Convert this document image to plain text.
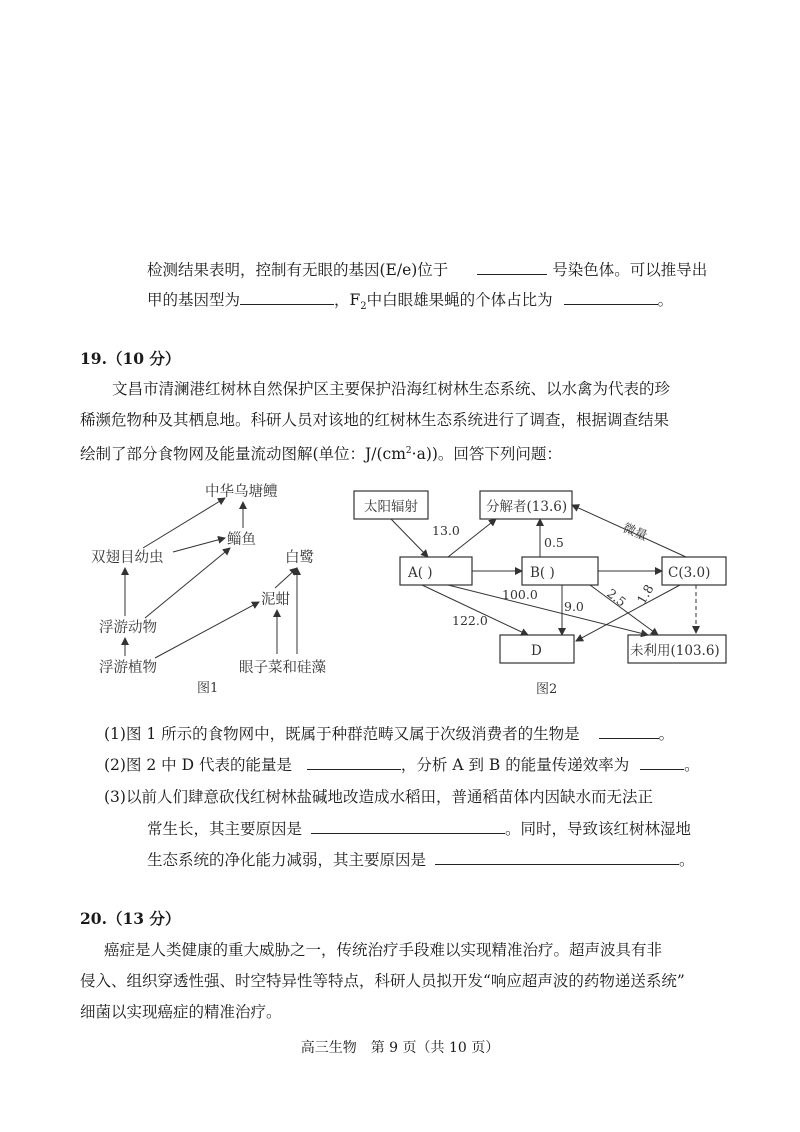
检测结果表明，控制有无眼的基因(E/e)位于	号染色体。可以推导出
甲的基因型为	，$F_2$中白眼雄果蝇的个体占比为	。
19.（10 分）
文昌市清澜港红树林自然保护区主要保护沿海红树林生态系统、以水禽为代表的珍
稀濒危物种及其栖息地。科研人员对该地的红树林生态系统进行了调查，根据调查结果
绘制了部分食物网及能量流动图解(单位：$J/(cm^2\cdot a)$)。回答下列问题：
中华乌塘鳢
鲻鱼
双翅目幼虫	白鹭
泥蚶
浮游动物
浮游植物	眼子菜和硅藻
图1
太阳辐射	分解者(13.6)
A( )	B( )	C(3.0)
D	未利用(103.6)
13.0
0.5	微量
100.0
9.0 2.5 1.8
122.0
图2
(1)图 1 所示的食物网中，既属于种群范畴又属于次级消费者的生物是	。
(2)图 2 中 D 代表的能量是	，分析 A 到 B 的能量传递效率为	。
(3)以前人们肆意砍伐红树林盐碱地改造成水稻田，普通稻苗体内因缺水而无法正
常生长，其主要原因是	。同时，导致该红树林湿地
生态系统的净化能力减弱，其主要原因是	。
20.（13 分）
癌症是人类健康的重大威胁之一，传统治疗手段难以实现精准治疗。超声波具有非
侵入、组织穿透性强、时空特异性等特点，科研人员拟开发“响应超声波的药物递送系统”
细菌以实现癌症的精准治疗。
高三生物　第 9 页（共 10 页）
